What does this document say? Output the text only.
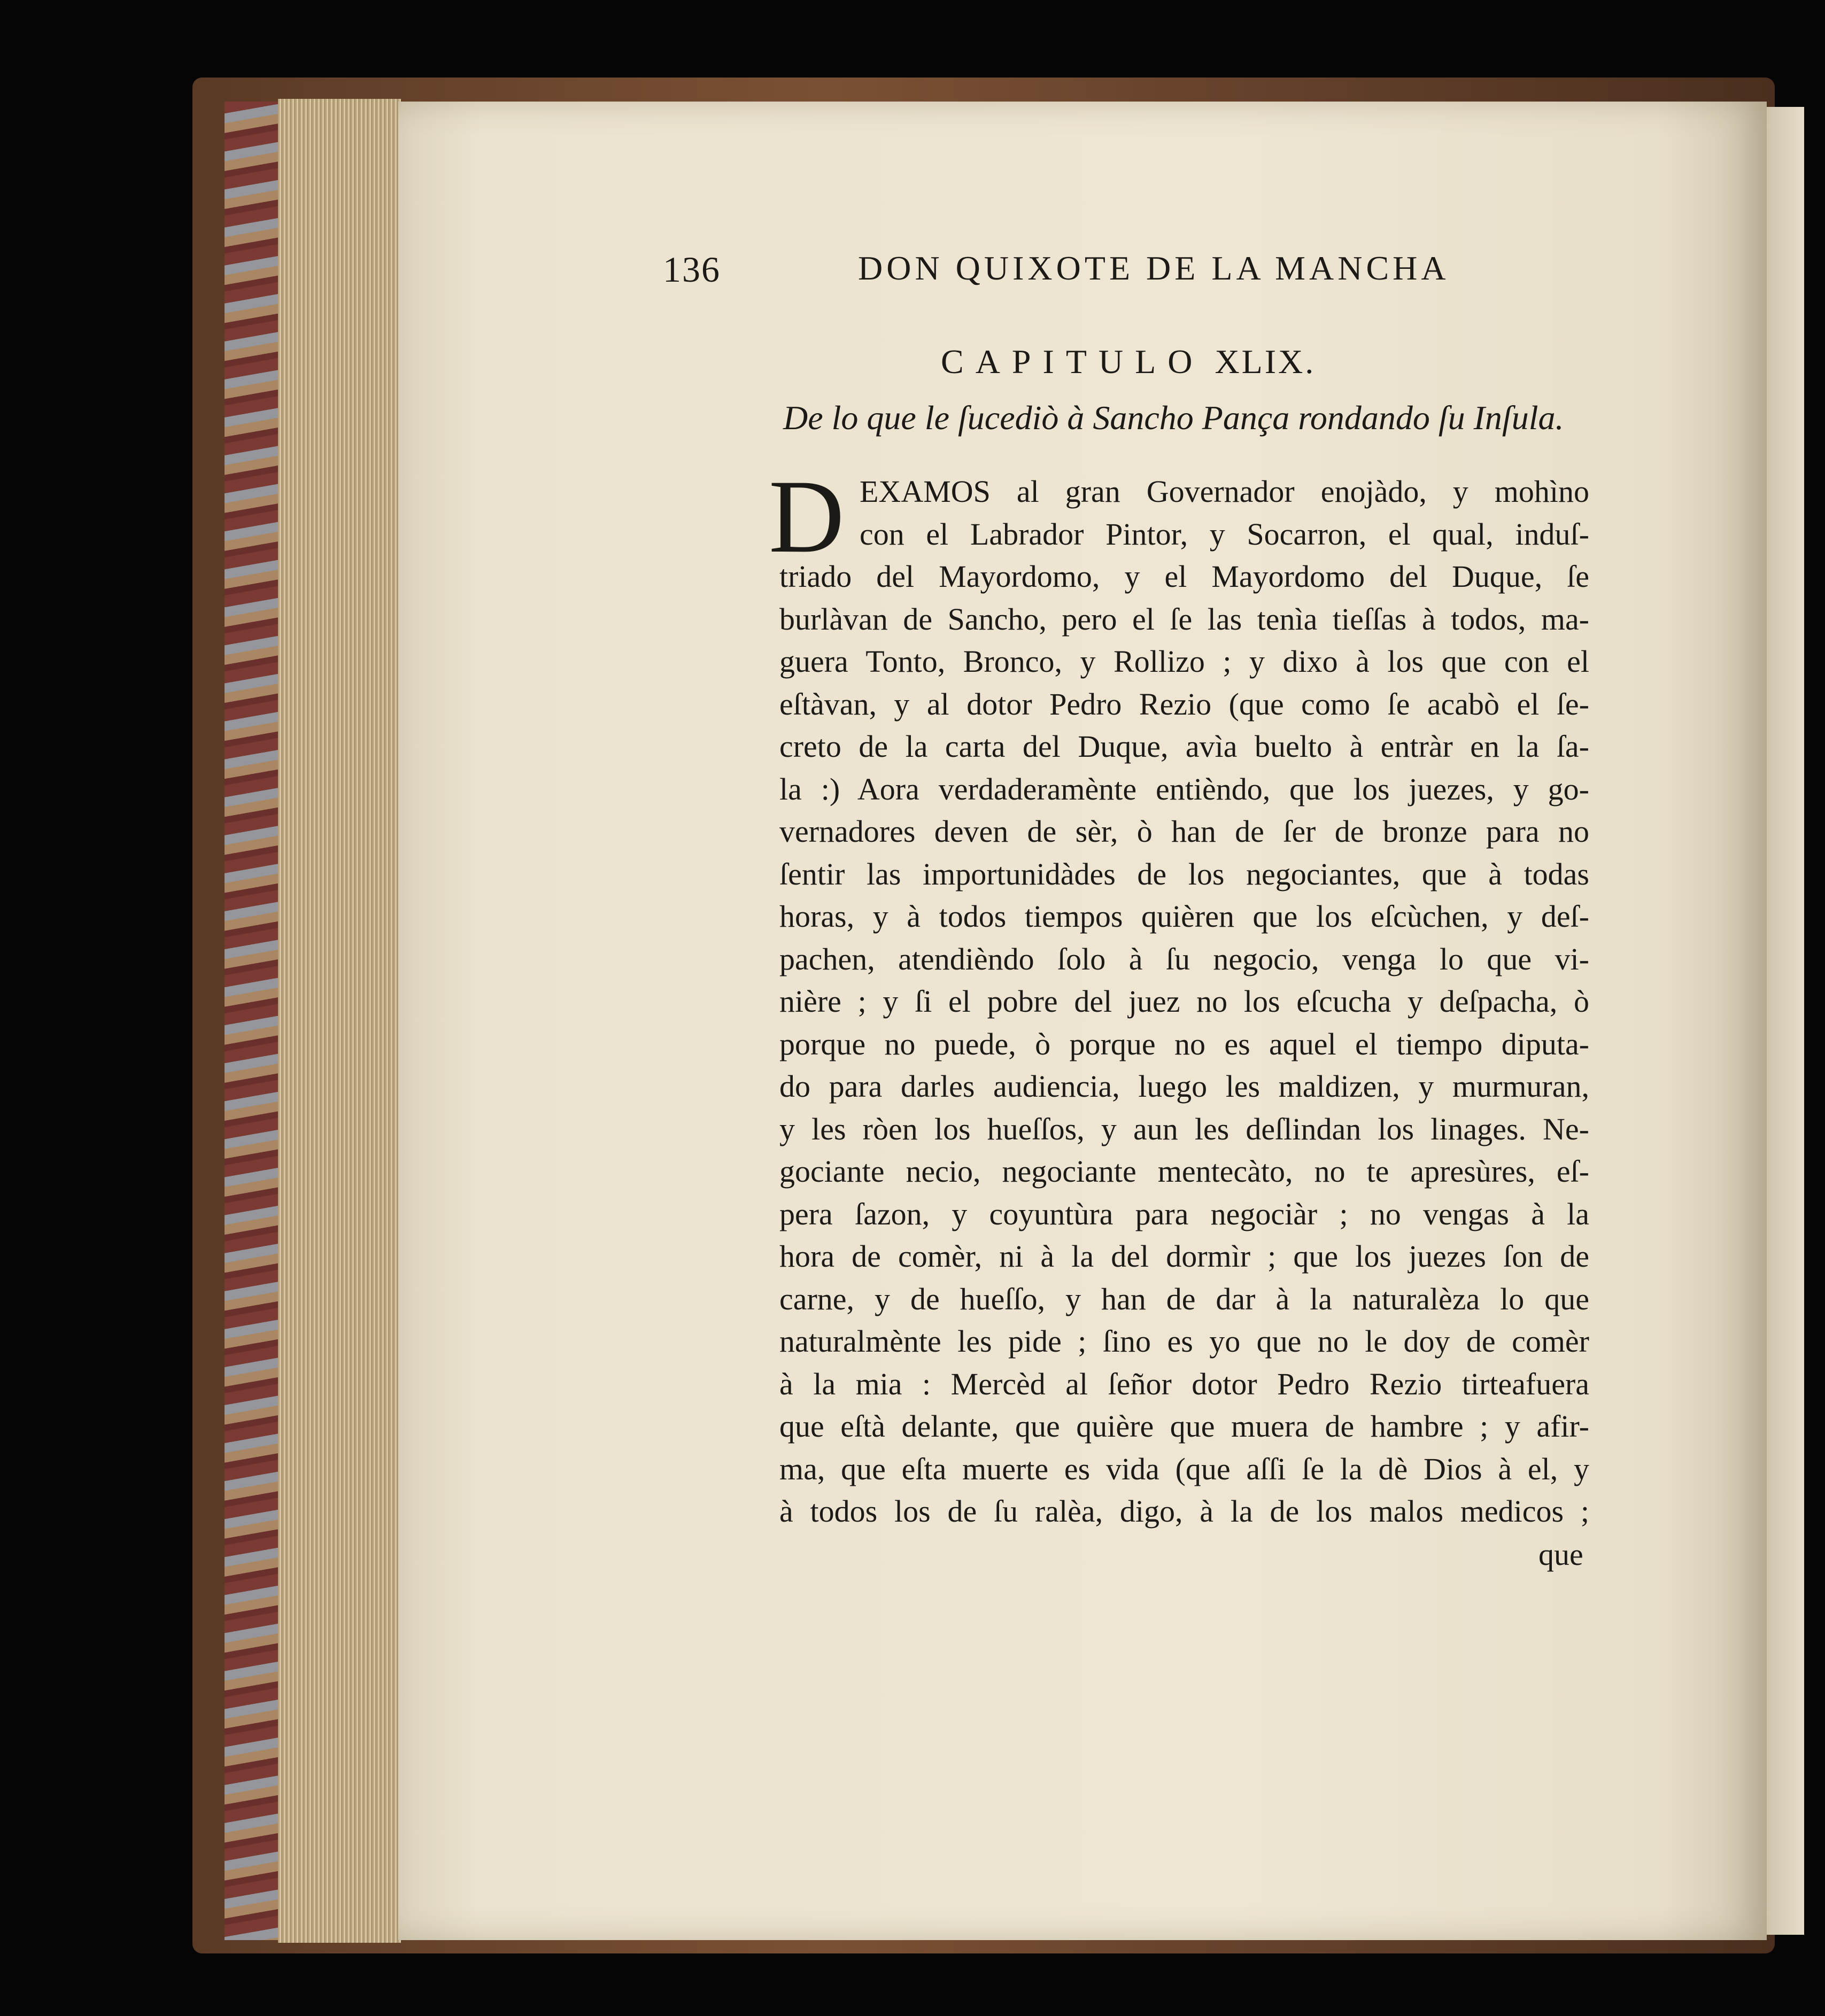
136	DON QUIXOTE DE LA MANCHA
CAPITULO XLIX.
De lo que le ſucediò à Sancho Pança rondando ſu Inſula.
D EXAMOS al gran Governador enojàdo, y mohìno
con el Labrador Pintor, y Socarron, el qual, induſ-
triado del Mayordomo, y el Mayordomo del Duque, ſe
burlàvan de Sancho, pero el ſe las tenìa tieſſas à todos, ma-
guera Tonto, Bronco, y Rollizo ; y dixo à los que con el
eſtàvan, y al dotor Pedro Rezio (que como ſe acabò el ſe-
creto de la carta del Duque, avìa buelto à entràr en la ſa-
la :) Aora verdaderamènte entièndo, que los juezes, y go-
vernadores deven de sèr, ò han de ſer de bronze para no
ſentir las importunidàdes de los negociantes, que à todas
horas, y à todos tiempos quièren que los eſcùchen, y deſ-
pachen, atendièndo ſolo à ſu negocio, venga lo que vi-
nière ; y ſi el pobre del juez no los eſcucha y deſpacha, ò
porque no puede, ò porque no es aquel el tiempo diputa-
do para darles audiencia, luego les maldizen, y murmuran,
y les ròen los hueſſos, y aun les deſlindan los linages. Ne-
gociante necio, negociante mentecàto, no te apresùres, eſ-
pera ſazon, y coyuntùra para negociàr ; no vengas à la
hora de comèr, ni à la del dormìr ; que los juezes ſon de
carne, y de hueſſo, y han de dar à la naturalèza lo que
naturalmènte les pide ; ſino es yo que no le doy de comèr
à la mia : Mercèd al ſeñor dotor Pedro Rezio tirteafuera
que eſtà delante, que quière que muera de hambre ; y afir-
ma, que eſta muerte es vida (que aſſi ſe la dè Dios à el, y
à todos los de ſu ralèa, digo, à la de los malos medicos ;
que
